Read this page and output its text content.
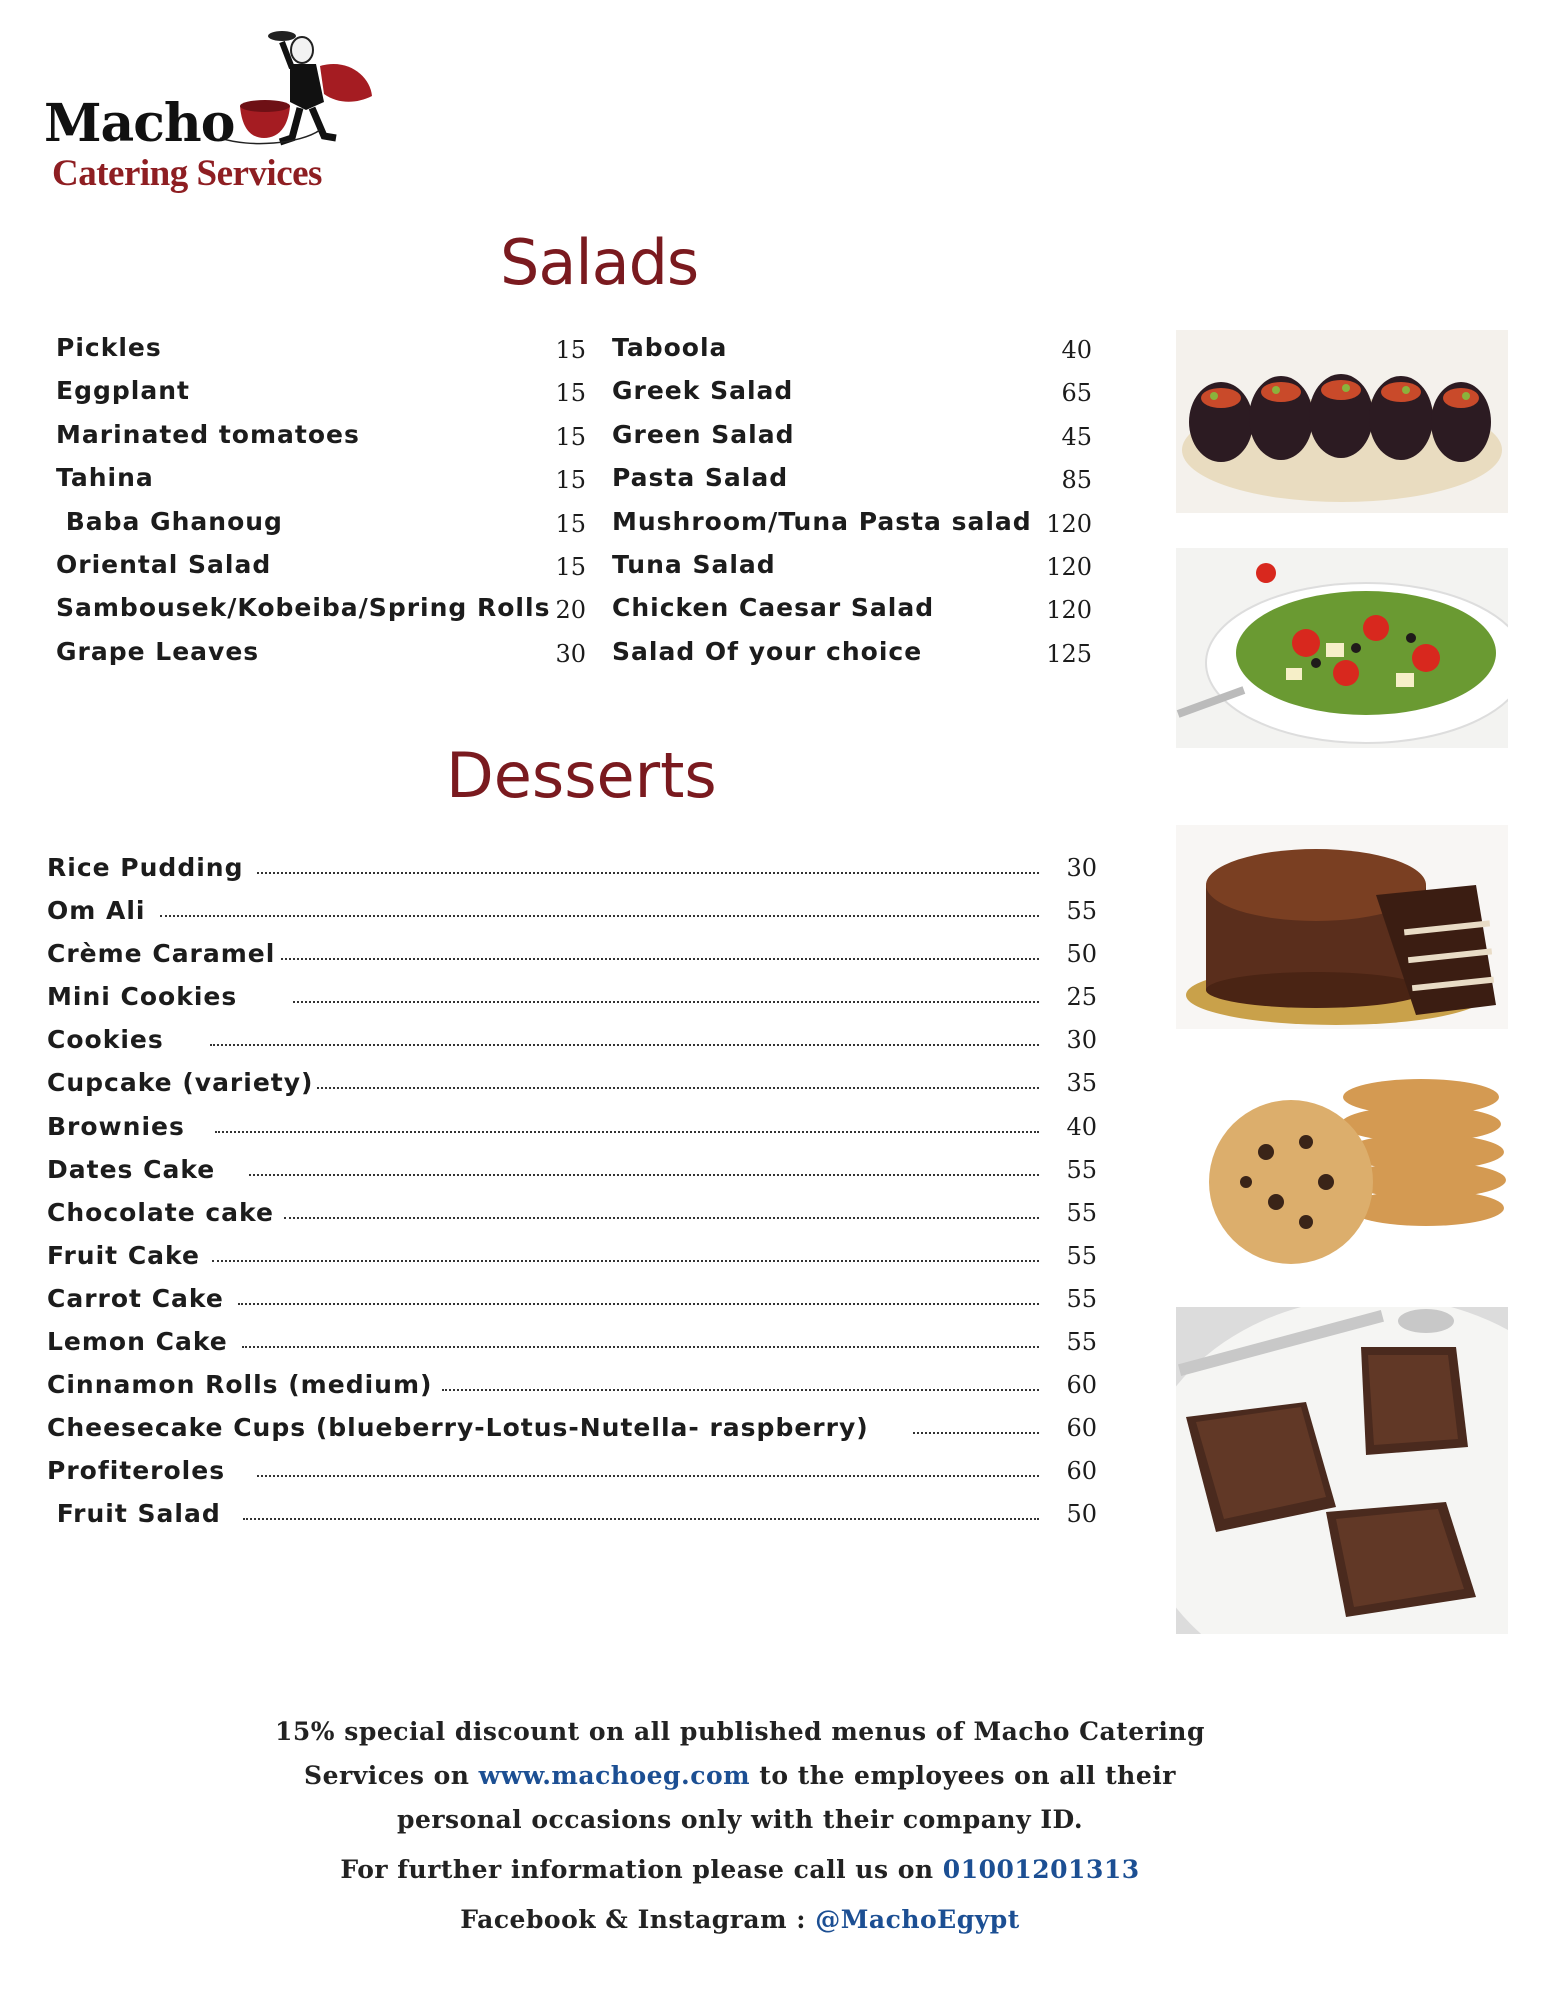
Macho
Catering Services
Salads
Pickles	15
Eggplant	15
Marinated tomatoes	15
Tahina	15
Baba Ghanoug	15
Oriental Salad	15
Sambousek/Kobeiba/Spring Rolls 20
Grape Leaves	30
Taboola	40
Greek Salad	65
Green Salad	45
Pasta Salad	85
Mushroom/Tuna Pasta salad 120
Tuna Salad	120
Chicken Caesar Salad	120
Salad Of your choice	125
Desserts
Rice Pudding	30
Om Ali	55
Crème Caramel	50
Mini Cookies	25
Cookies	30
Cupcake (variety)	35
Brownies	40
Dates Cake	55
Chocolate cake	55
Fruit Cake	55
Carrot Cake	55
Lemon Cake	55
Cinnamon Rolls (medium)	60
Cheesecake Cups (blueberry-Lotus-Nutella- raspberry)	60
Profiteroles	60
Fruit Salad	50

15% special discount on all published menus of Macho Catering

Services on www.machoeg.com to the employees on all their

personal occasions only with their company ID.

For further information please call us on 01001201313

Facebook & Instagram : @MachoEgypt
